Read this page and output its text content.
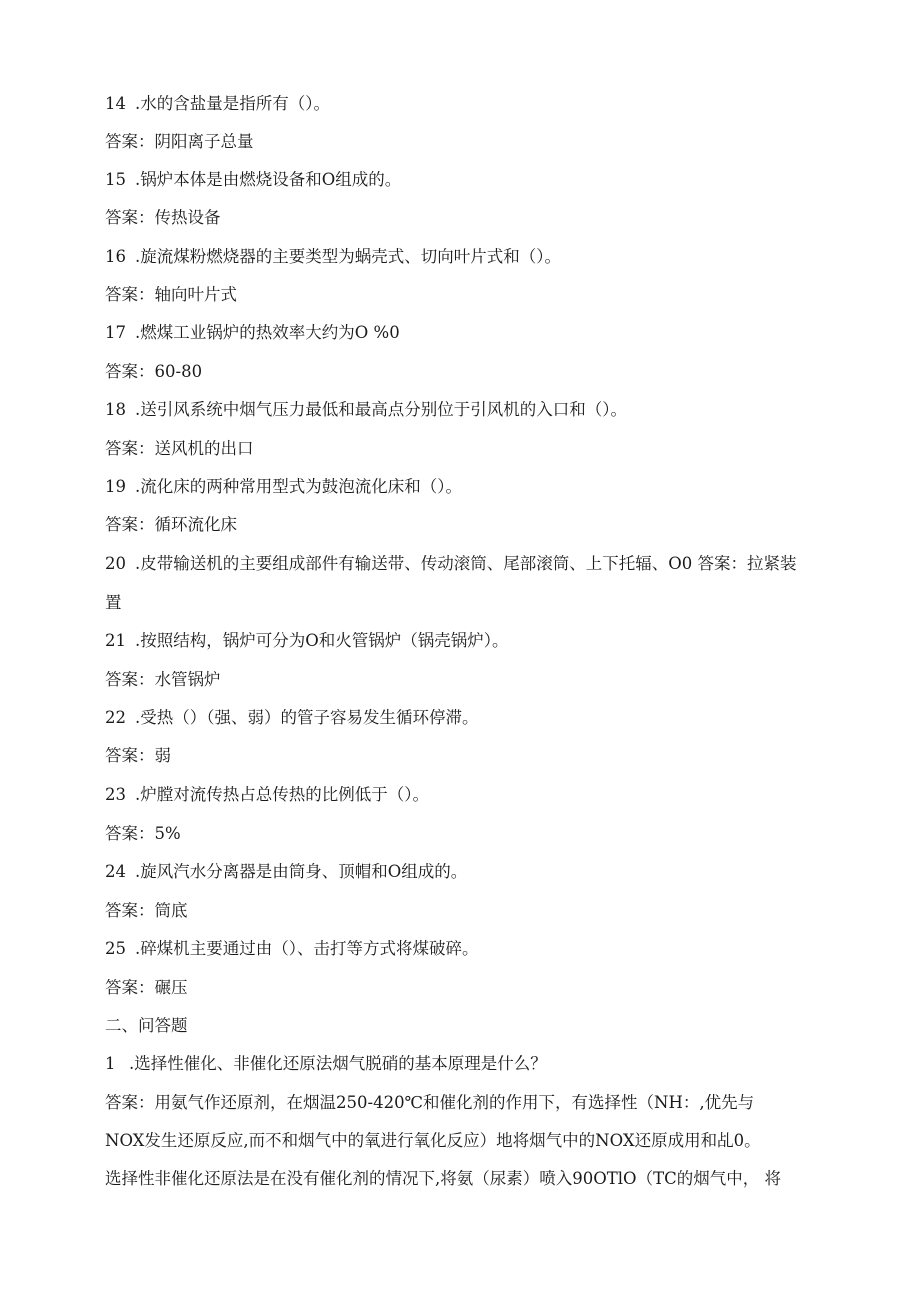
14 .水的含盐量是指所有（）。
答案：阴阳离子总量
15 .锅炉本体是由燃烧设备和O组成的。
答案：传热设备
16 .旋流煤粉燃烧器的主要类型为蜗壳式、切向叶片式和（）。
答案：轴向叶片式
17 .燃煤工业锅炉的热效率大约为O %0
答案：60-80
18 .送引风系统中烟气压力最低和最高点分别位于引风机的入口和（）。
答案：送风机的出口
19 .流化床的两种常用型式为鼓泡流化床和（）。
答案：循环流化床
20 .皮带输送机的主要组成部件有输送带、传动滚筒、尾部滚筒、上下托辐、O0 答案：拉紧装
置
21 .按照结构，锅炉可分为O和火管锅炉（锅壳锅炉）。
答案：水管锅炉
22 .受热（）（强、弱）的管子容易发生循环停滞。
答案：弱
23 .炉膛对流传热占总传热的比例低于（）。
答案：5%
24 .旋风汽水分离器是由筒身、顶帽和O组成的。
答案：筒底
25 .碎煤机主要通过由（）、击打等方式将煤破碎。
答案：碾压
二、问答题
1 .选择性催化、非催化还原法烟气脱硝的基本原理是什么？
答案：用氨气作还原剂，在烟温250-420℃和催化剂的作用下，有选择性（NH：,优先与
NOX发生还原反应,而不和烟气中的氧进行氧化反应）地将烟气中的NOX还原成用和乩0。
选择性非催化还原法是在没有催化剂的情况下,将氨（尿素）喷入90OTlO（TC的烟气中， 将
